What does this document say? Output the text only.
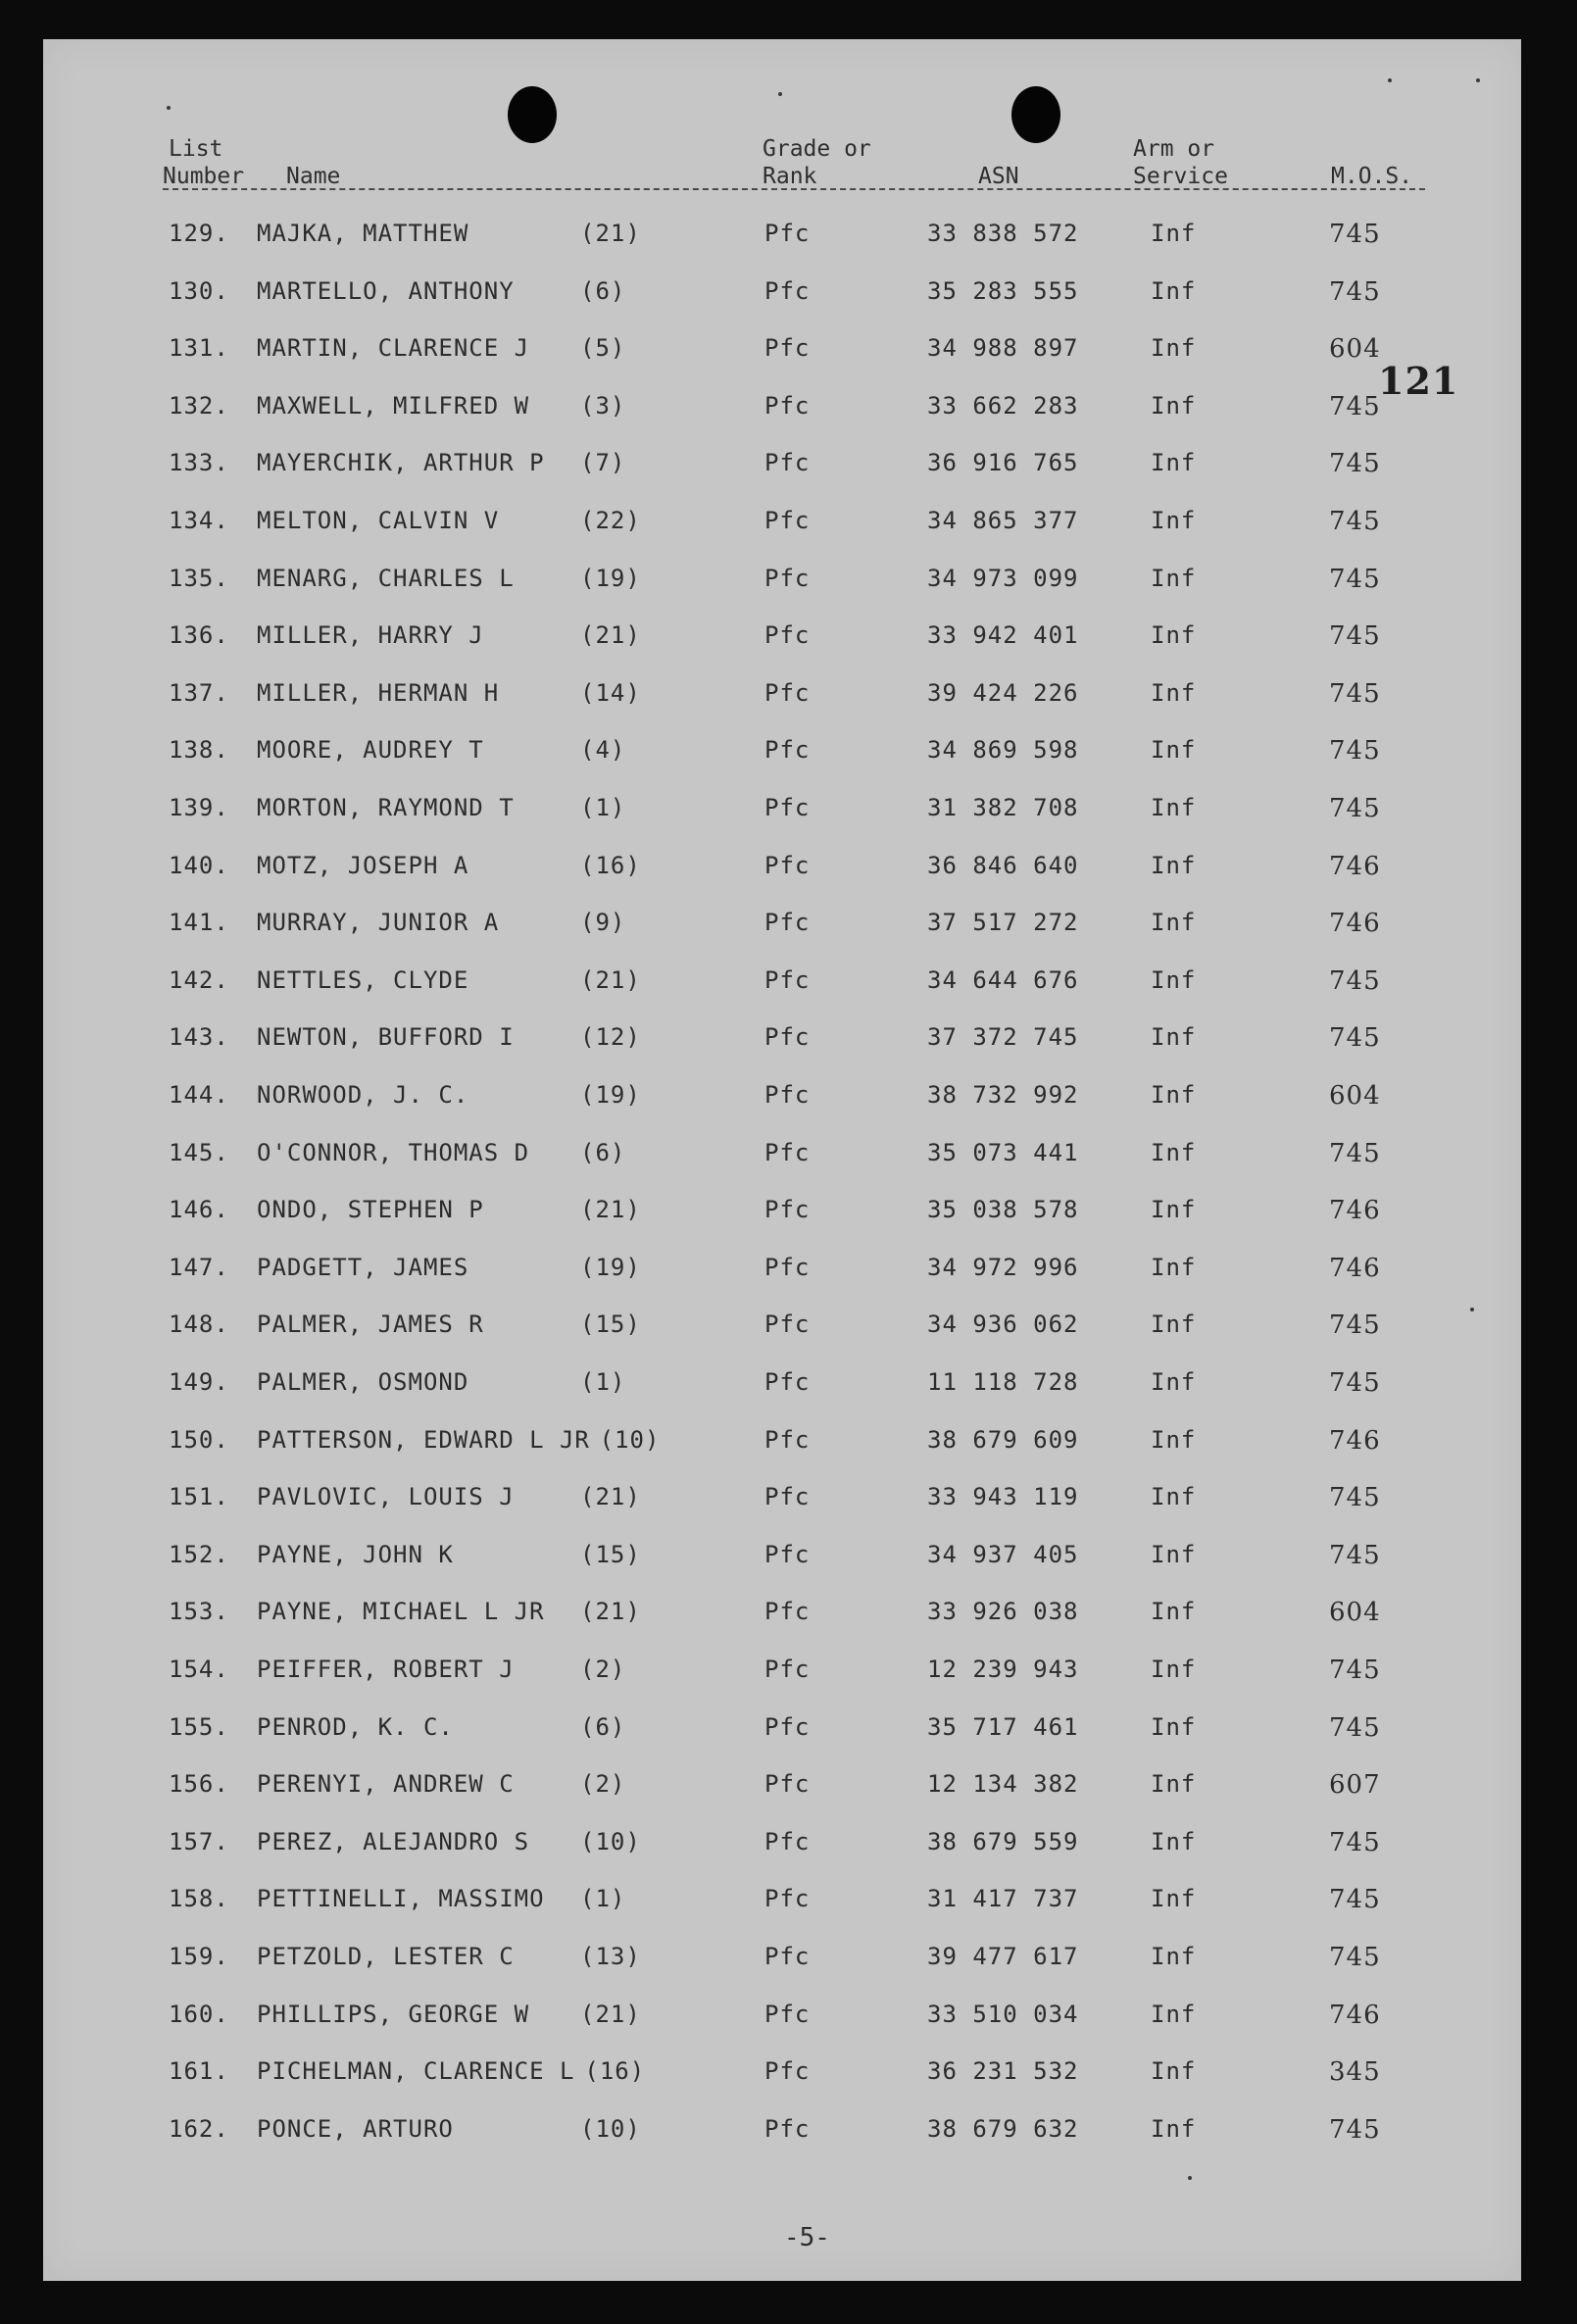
List
Number Name
Grade or
Rank	ASN
Arm or
Service	M.O.S.
121
129. MAJKA, MATTHEW	(21)	Pfc	33 838 572	Inf	745
130. MARTELLO, ANTHONY	(6)	Pfc	35 283 555	Inf	745
131. MARTIN, CLARENCE J (5)	Pfc	34 988 897	Inf	604
132. MAXWELL, MILFRED W (3)	Pfc	33 662 283	Inf	745
133. MAYERCHIK, ARTHUR P (7)	Pfc	36 916 765	Inf	745
134. MELTON, CALVIN V	(22)	Pfc	34 865 377	Inf	745
135. MENARG, CHARLES L	(19)	Pfc	34 973 099	Inf	745
136. MILLER, HARRY J	(21)	Pfc	33 942 401	Inf	745
137. MILLER, HERMAN H	(14)	Pfc	39 424 226	Inf	745
138. MOORE, AUDREY T	(4)	Pfc	34 869 598	Inf	745
139. MORTON, RAYMOND T	(1)	Pfc	31 382 708	Inf	745
140. MOTZ, JOSEPH A	(16)	Pfc	36 846 640	Inf	746
141. MURRAY, JUNIOR A	(9)	Pfc	37 517 272	Inf	746
142. NETTLES, CLYDE	(21)	Pfc	34 644 676	Inf	745
143. NEWTON, BUFFORD I	(12)	Pfc	37 372 745	Inf	745
144. NORWOOD, J. C.	(19)	Pfc	38 732 992	Inf	604
145. O'CONNOR, THOMAS D (6)	Pfc	35 073 441	Inf	745
146. ONDO, STEPHEN P	(21)	Pfc	35 038 578	Inf	746
147. PADGETT, JAMES	(19)	Pfc	34 972 996	Inf	746
148. PALMER, JAMES R	(15)	Pfc	34 936 062	Inf	745
149. PALMER, OSMOND	(1)	Pfc	11 118 728	Inf	745
150. PATTERSON, EDWARD L JR (10)	Pfc	38 679 609	Inf	746
151. PAVLOVIC, LOUIS J	(21)	Pfc	33 943 119	Inf	745
152. PAYNE, JOHN K	(15)	Pfc	34 937 405	Inf	745
153. PAYNE, MICHAEL L JR (21)	Pfc	33 926 038	Inf	604
154. PEIFFER, ROBERT J	(2)	Pfc	12 239 943	Inf	745
155. PENROD, K. C.	(6)	Pfc	35 717 461	Inf	745
156. PERENYI, ANDREW C	(2)	Pfc	12 134 382	Inf	607
157. PEREZ, ALEJANDRO S (10)	Pfc	38 679 559	Inf	745
158. PETTINELLI, MASSIMO (1)	Pfc	31 417 737	Inf	745
159. PETZOLD, LESTER C	(13)	Pfc	39 477 617	Inf	745
160. PHILLIPS, GEORGE W (21)	Pfc	33 510 034	Inf	746
161. PICHELMAN, CLARENCE L (16)	Pfc	36 231 532	Inf	345
162. PONCE, ARTURO	(10)	Pfc	38 679 632	Inf	745
-5-
